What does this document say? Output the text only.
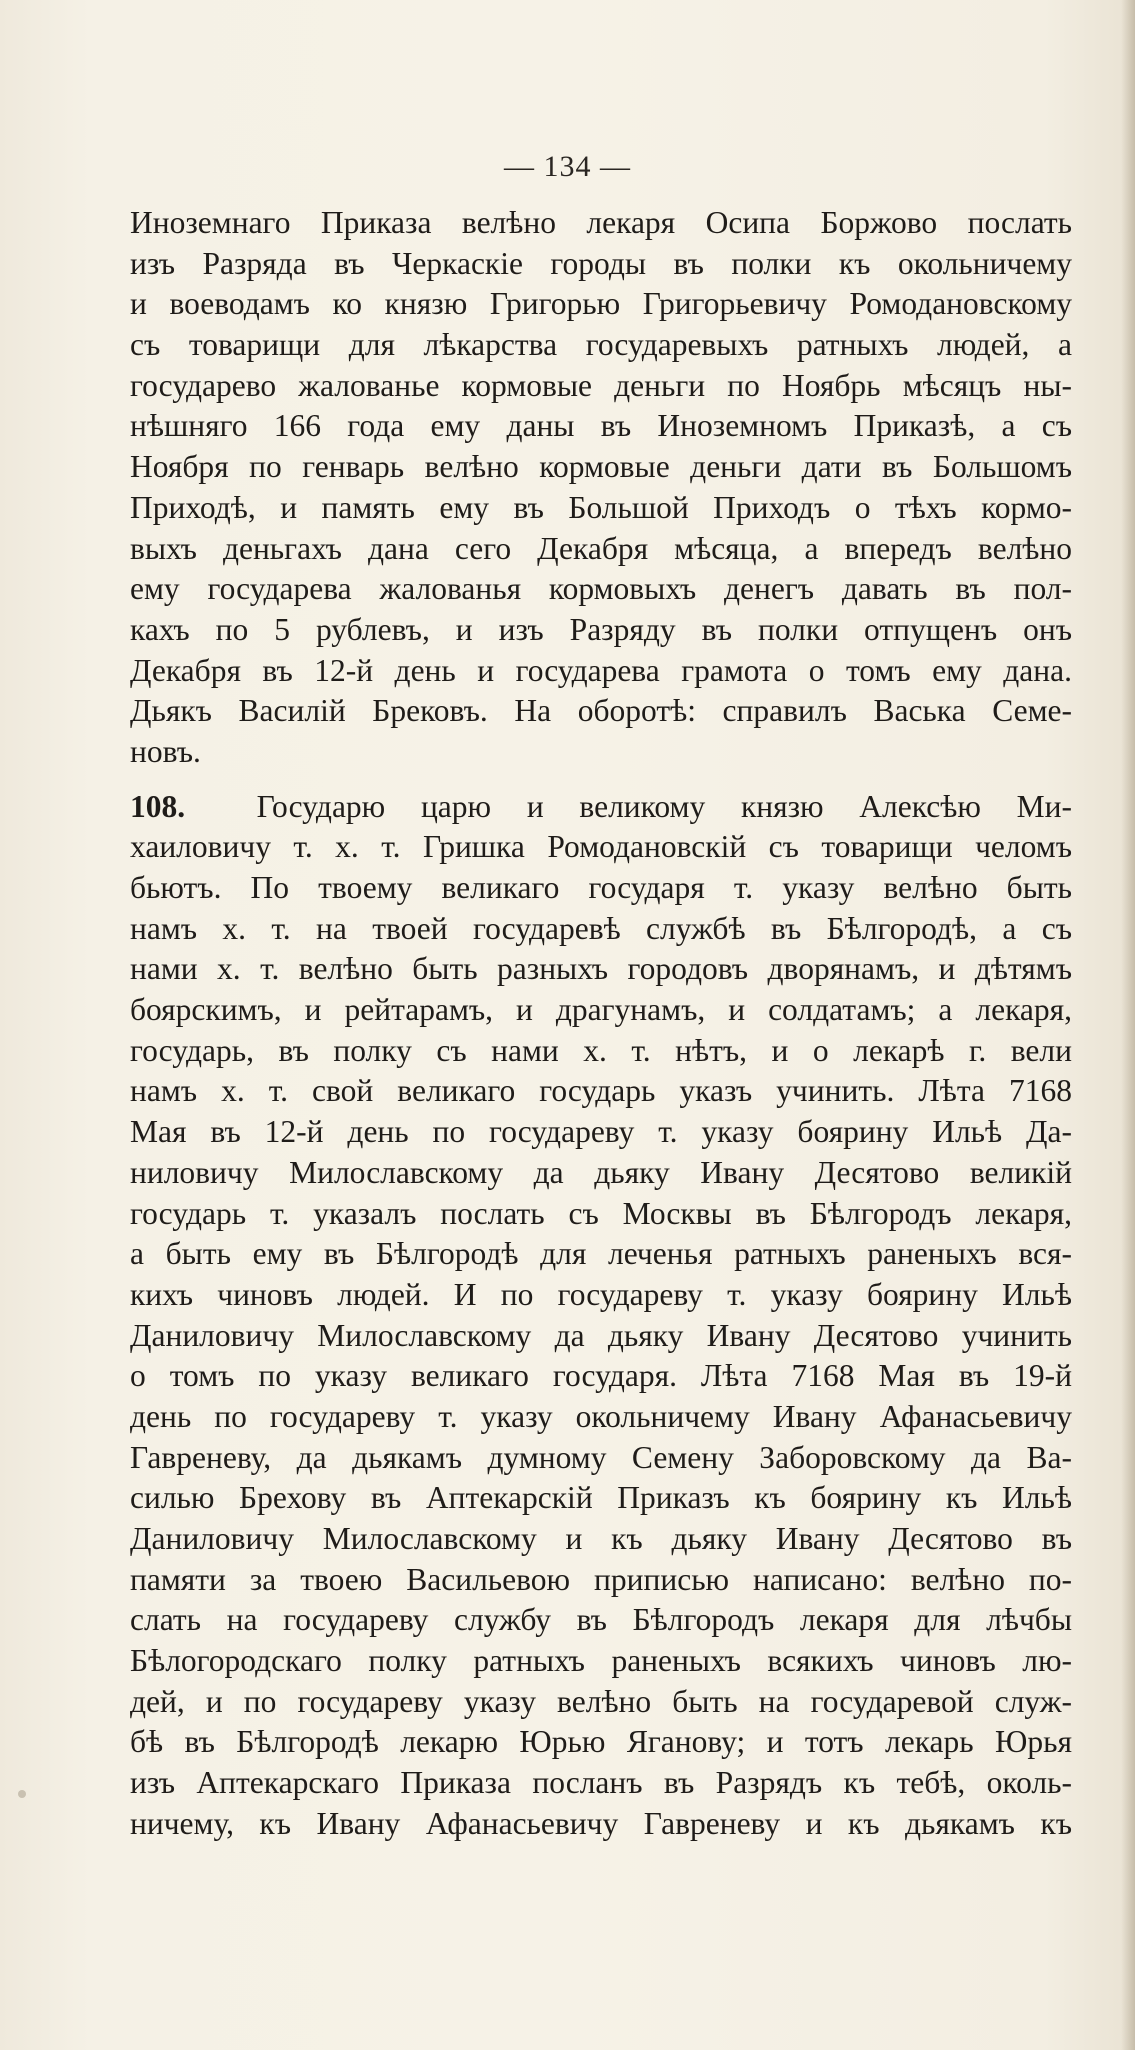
— 134 —
Иноземнаго Приказа велѣно лекаря Осипа Боржово послать
изъ Разряда въ Черкаскіе городы въ полки къ окольничему
и воеводамъ ко князю Григорью Григорьевичу Ромодановскому
съ товарищи для лѣкарства государевыхъ ратныхъ людей, а
государево жалованье кормовые деньги по Ноябрь мѣсяцъ ны-
нѣшняго 166 года ему даны въ Иноземномъ Приказѣ, а съ
Ноября по генварь велѣно кормовые деньги дати въ Большомъ
Приходѣ, и память ему въ Большой Приходъ о тѣхъ кормо-
выхъ деньгахъ дана сего Декабря мѣсяца, а впередъ велѣно
ему государева жалованья кормовыхъ денегъ давать въ пол-
кахъ по 5 рублевъ, и изъ Разряду въ полки отпущенъ онъ
Декабря въ 12-й день и государева грамота о томъ ему дана.
Дьякъ Василій Брековъ. На оборотѣ: справилъ Васька Семе-
новъ.
108. Государю царю и великому князю Алексѣю Ми-
хаиловичу т. х. т. Гришка Ромодановскій съ товарищи челомъ
бьютъ. По твоему великаго государя т. указу велѣно быть
намъ х. т. на твоей государевѣ службѣ въ Бѣлгородѣ, а съ
нами х. т. велѣно быть разныхъ городовъ дворянамъ, и дѣтямъ
боярскимъ, и рейтарамъ, и драгунамъ, и солдатамъ; а лекаря,
государь, въ полку съ нами х. т. нѣтъ, и о лекарѣ г. вели
намъ х. т. свой великаго государь указъ учинить. Лѣта 7168
Мая въ 12-й день по государеву т. указу боярину Ильѣ Да-
ниловичу Милославскому да дьяку Ивану Десятово великій
государь т. указалъ послать съ Москвы въ Бѣлгородъ лекаря,
а быть ему въ Бѣлгородѣ для леченья ратныхъ раненыхъ вся-
кихъ чиновъ людей. И по государеву т. указу боярину Ильѣ
Даниловичу Милославскому да дьяку Ивану Десятово учинить
о томъ по указу великаго государя. Лѣта 7168 Мая въ 19-й
день по государеву т. указу окольничему Ивану Афанасьевичу
Гавреневу, да дьякамъ думному Семену Заборовскому да Ва-
силью Брехову въ Аптекарскій Приказъ къ боярину къ Ильѣ
Даниловичу Милославскому и къ дьяку Ивану Десятово въ
памяти за твоею Васильевою приписью написано: велѣно по-
слать на государеву службу въ Бѣлгородъ лекаря для лѣчбы
Бѣлогородскаго полку ратныхъ раненыхъ всякихъ чиновъ лю-
дей, и по государеву указу велѣно быть на государевой служ-
бѣ въ Бѣлгородѣ лекарю Юрью Яганову; и тотъ лекарь Юрья
изъ Аптекарскаго Приказа посланъ въ Разрядъ къ тебѣ, околь-
ничему, къ Ивану Афанасьевичу Гавреневу и къ дьякамъ къ
